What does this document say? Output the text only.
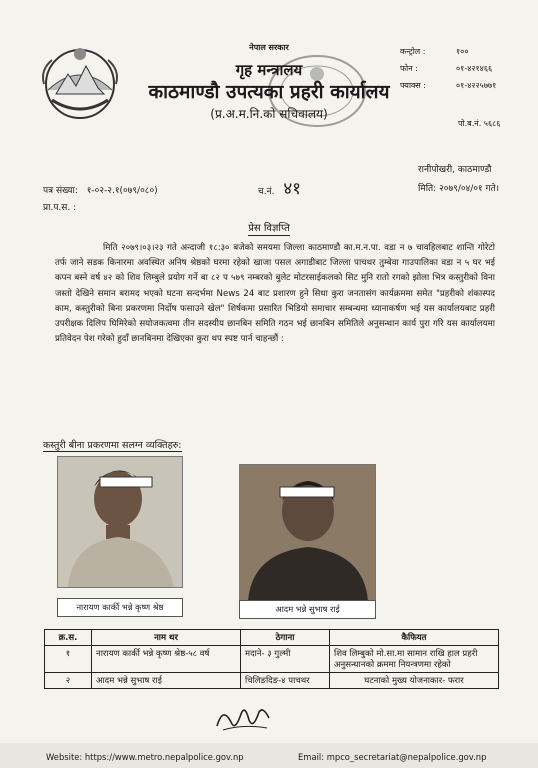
नेपाल सरकार
गृह मन्त्रालय
काठमाण्डौ उपत्यका प्रहरी कार्यालय
(प्र.अ.म.नि.को सचिवालय)
कन्ट्रोल :	१००
फोन :	०१-४२१४६६
फ्याक्स :	०१-४२२५७७१
पो.ब.नं. ५६८६
रानीपोखरी, काठमाण्डौ
पत्र संख्या: १-०२-२.१(०७९/०८०)	च.नं. ४१	मिति: २०७९/०४/०१ गते।
प्रा.प.स. :
प्रेस विज्ञप्ति
मिति २०७९।०३।२३ गते अन्दाजी १८:३० बजेको समयमा जिल्ला काठमाण्डौ का.म.न.पा. वडा न ७ चावहिलबाट शान्ति गोरेटो तर्फ जाने सडक किनारमा अवस्थित अनिष श्रेष्ठको घरमा रहेको खाजा पसल अगाडीबाट जिल्ला पाचथर तुम्बेवा गाउपालिका वडा न ५ घर भई कपन बस्ने वर्ष ४२ को शिव लिम्बुले प्रयोग गर्ने बा ८२ प ५७९ नम्बरको बुलेट मोटरसाईकलको सिट मुनि रातो रगको झोला भित्र कस्तुरीको विना जस्तो देखिने समान बरामद भएको घटना सन्दर्भमा News 24 बाट प्रशारण हुने सिधा कुरा जनतासंग कार्यक्रममा समेत "प्रहरीको शंकास्पद काम, कस्तुरीको बिना प्रकरणमा निर्दोष फसाउने खेल" शिर्षकमा प्रसारित भिडियो समाचार सम्बन्धमा ध्यानाकर्षण भई यस कार्यालयबाट प्रहरी उपरीक्षक दिलिप घिमिरेको सयोजकत्वमा तीन सदस्यीय छानबिन समिति गठन भई छानबिन समितिले अनुसन्धान कार्य पुरा गरि यस कार्यालयमा प्रतिवेदन पेश गरेको हुदाँ छानबिनमा देखिएका कुरा थप स्पष्ट पार्न चाहन्छौं :
कस्तुरी बीना प्रकरणमा सलग्न व्यक्तिहरु:
नारायण कार्की भन्ने कृष्ण श्रेष्ठ	आदम भन्ने सुभाष राई
क्र.स.	नाम थर	ठेगाना	कैफियत
१	नारायण कार्की भन्ने कृष्ण श्रेष्ठ-५८ वर्ष	मदाने- ३ गुल्मी	शिव लिम्बुको मो.सा.मा सामान राखि हाल प्रहरी अनुसन्धानको क्रममा नियन्त्रणमा रहेको
२	आदम भन्ने सुभाष राई	चिलिङदिङ-४ पाचथर	घटनाको मुख्य योजनाकार- फरार
Website: https://www.metro.nepalpolice.gov.np	Email: mpco_secretariat@nepalpolice.gov.np
